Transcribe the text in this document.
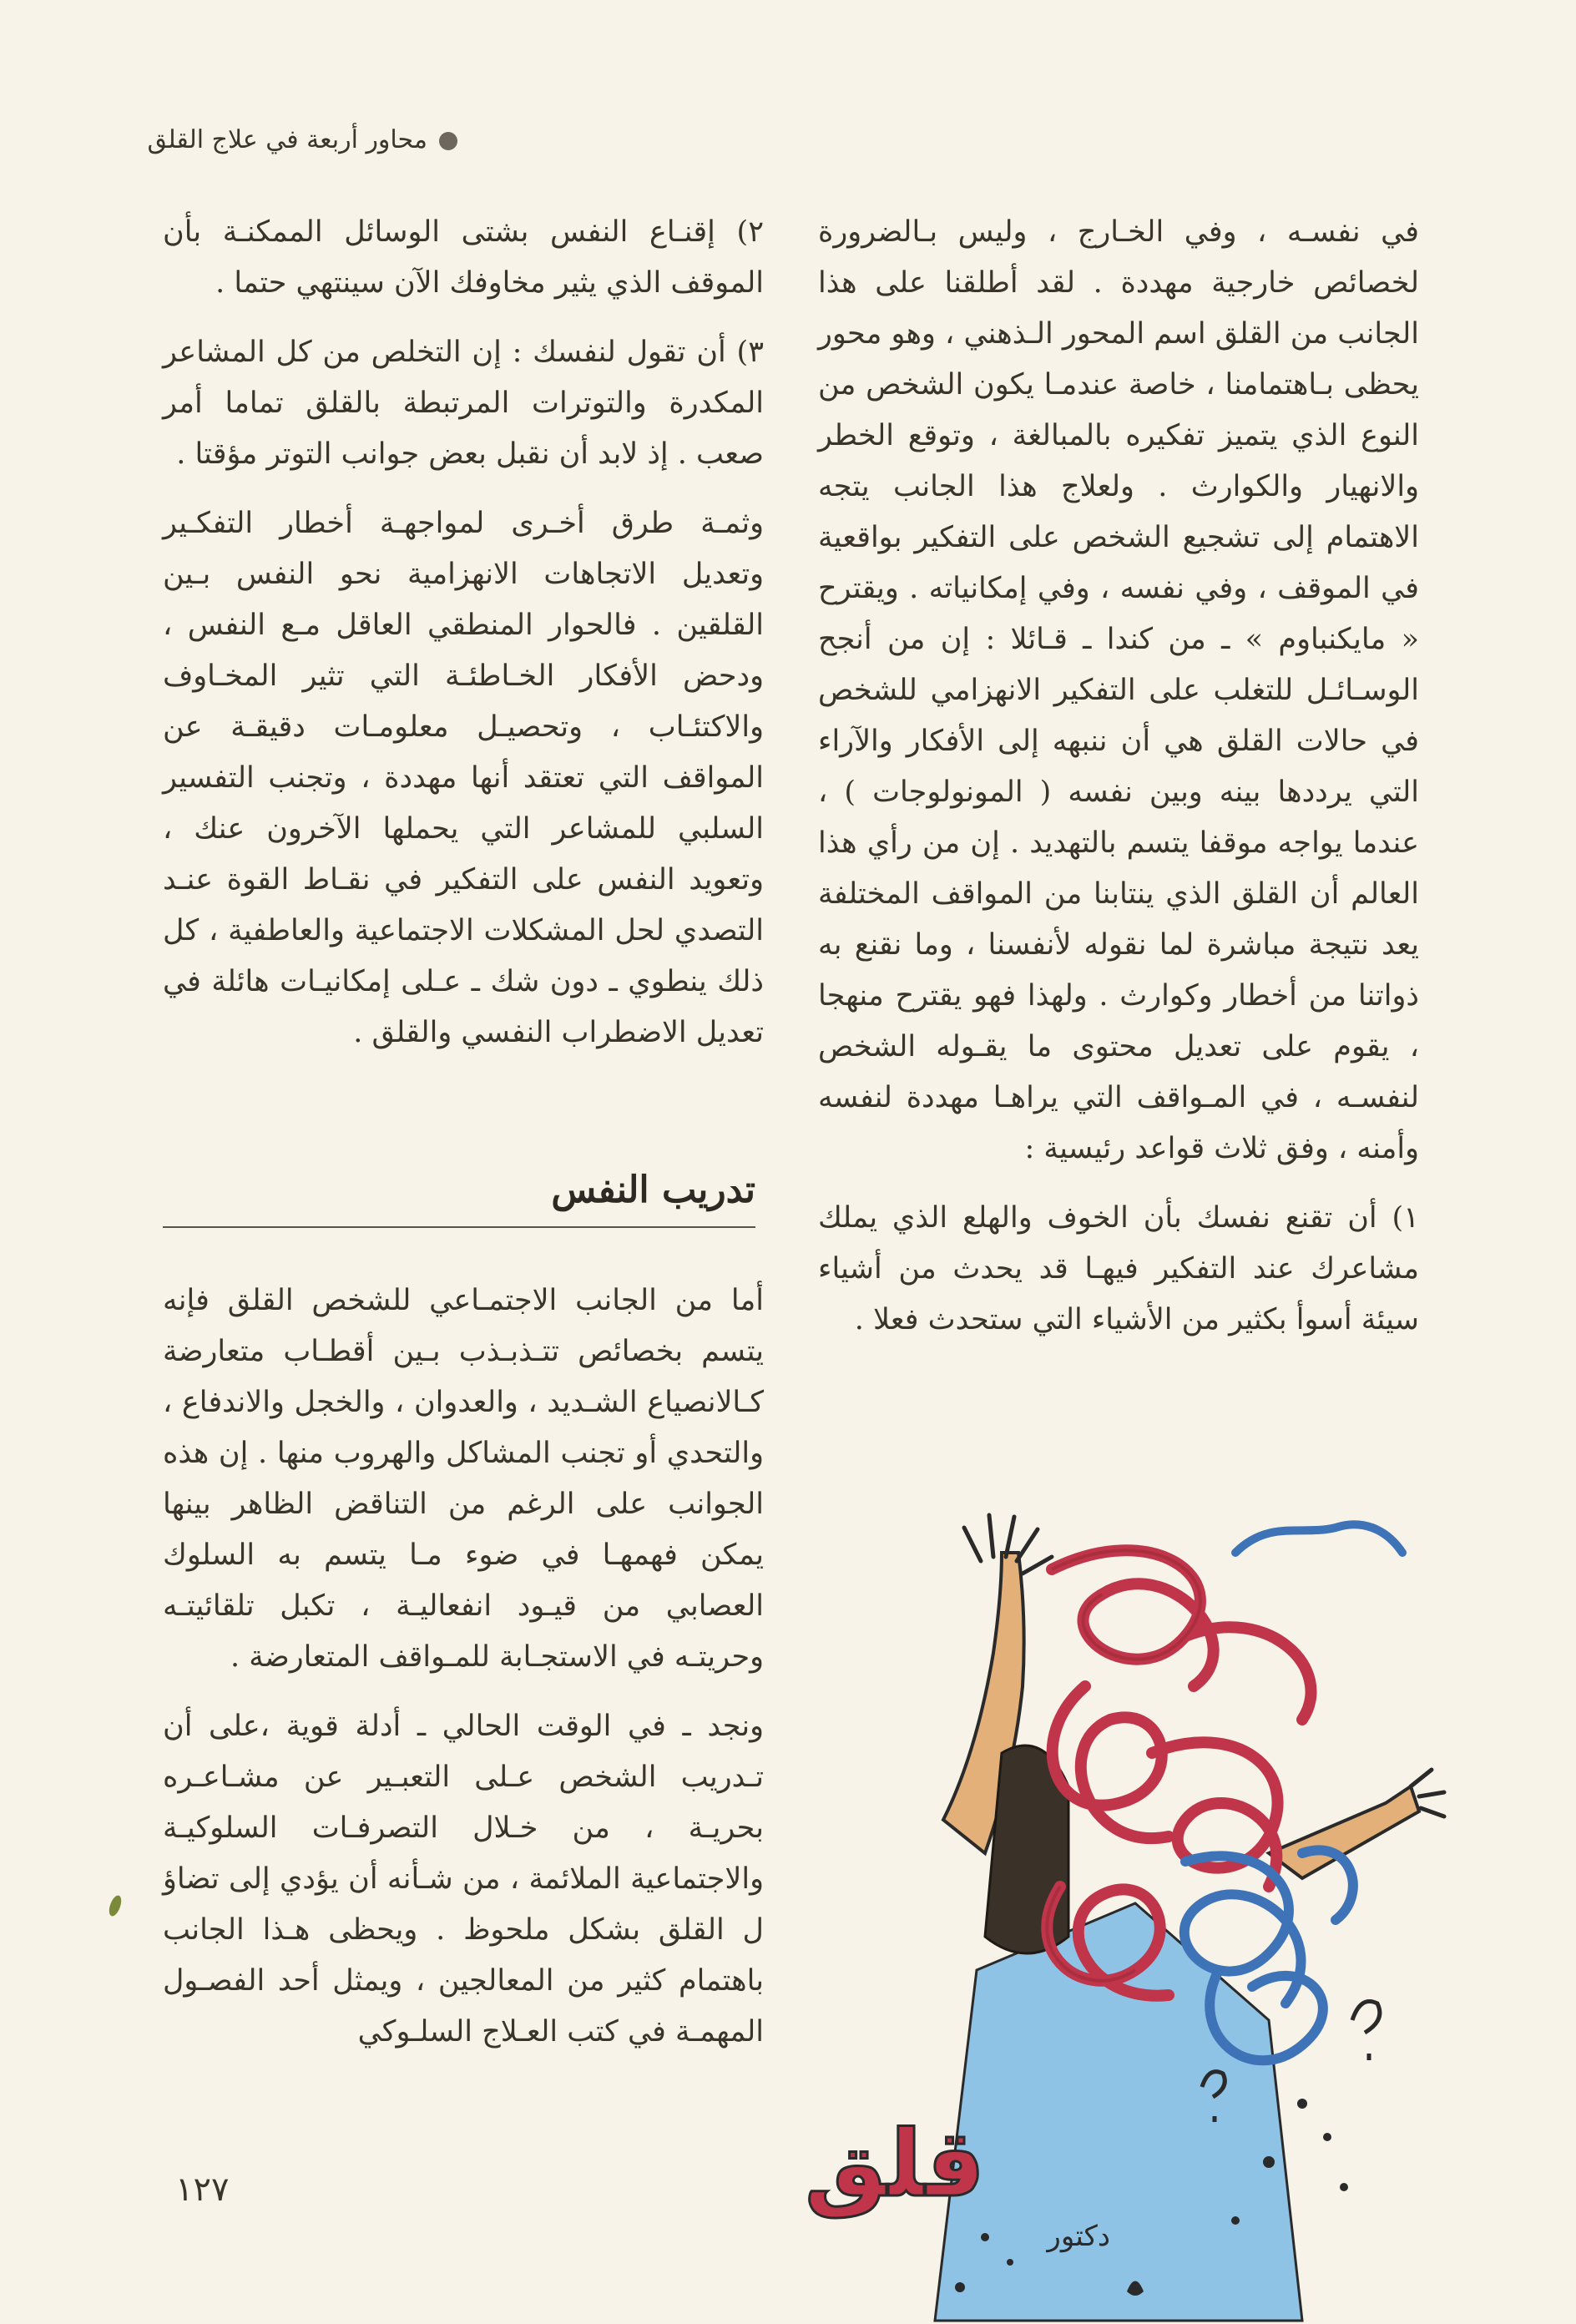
محاور أربعة في علاج القلق

في نفسـه ، وفي الخـارج ، وليس بـالضرورة لخصائص خارجية مهددة . لقد أطلقنا على هذا الجانب من القلق اسم المحور الـذهني ، وهو محور يحظى بـاهتمامنا ، خاصة عندمـا يكون الشخص من النوع الذي يتميز تفكيره بالمبالغة ، وتوقع الخطر والانهيار والكوارث . ولعلاج هذا الجانب يتجه الاهتمام إلى تشجيع الشخص على التفكير بواقعية في الموقف ، وفي نفسه ، وفي إمكانياته . ويقترح « مايكنباوم » ـ من كندا ـ قـائلا : إن من أنجح الوسـائـل للتغلب على التفكير الانهزامي للشخص في حالات القلق هي أن ننبهه إلى الأفكار والآراء التي يرددها بينه وبين نفسه ( المونولوجات ) ، عندما يواجه موقفا يتسم بالتهديد . إن من رأي هذا العالم أن القلق الذي ينتابنا من المواقف المختلفة يعد نتيجة مباشرة لما نقوله لأنفسنا ، وما نقنع به ذواتنا من أخطار وكوارث . ولهذا فهو يقترح منهجا ، يقوم على تعديل محتوى ما يقـوله الشخص لنفسـه ، في المـواقف التي يراهـا مهددة لنفسه وأمنه ، وفق ثلاث قواعد رئيسية :

١) أن تقنع نفسك بأن الخوف والهلع الذي يملك مشاعرك عند التفكير فيهـا قد يحدث من أشياء سيئة أسوأ بكثير من الأشياء التي ستحدث فعلا .

٢) إقنـاع النفس بشتى الوسائل الممكنـة بأن الموقف الذي يثير مخاوفك الآن سينتهي حتما .

٣) أن تقول لنفسك : إن التخلص من كل المشاعر المكدرة والتوترات المرتبطة بالقلق تماما أمر صعب . إذ لابد أن نقبل بعض جوانب التوتر مؤقتا .

وثمـة طرق أخـرى لمواجهـة أخطار التفكـير وتعديل الاتجاهات الانهزامية نحو النفس بـين القلقين . فالحوار المنطقي العاقل مـع النفس ، ودحض الأفكار الخـاطئـة التي تثير المخـاوف والاكتئـاب ، وتحصيـل معلومـات دقيقـة عن المواقف التي تعتقد أنها مهددة ، وتجنب التفسير السلبي للمشاعر التي يحملها الآخرون عنك ، وتعويد النفس على التفكير في نقـاط القوة عنـد التصدي لحل المشكلات الاجتماعية والعاطفية ، كل ذلك ينطوي ـ دون شك ـ عـلى إمكانيـات هائلة في تعديل الاضطراب النفسي والقلق .

تدريب النفس

أما من الجانب الاجتمـاعي للشخص القلق فإنه يتسم بخصائص تتـذبـذب بـين أقطـاب متعارضة كـالانصياع الشـديد ، والعدوان ، والخجل والاندفاع ، والتحدي أو تجنب المشاكل والهروب منها . إن هذه الجوانب على الرغم من التناقض الظاهر بينها يمكن فهمهـا في ضوء مـا يتسم به السلوك العصابي من قيـود انفعاليـة ، تكبل تلقائيتـه وحريتـه في الاستجـابة للمـواقف المتعارضة .

ونجد ـ في الوقت الحالي ـ أدلة قوية ،على أن تـدريب الشخص عـلى التعبـير عن مشـاعـره بحريـة ، من خـلال التصرفـات السلوكيـة والاجتماعية الملائمة ، من شـأنه أن يؤدي إلى تضاؤ ل القلق بشكل ملحوظ . ويحظى هـذا الجانب باهتمام كثير من المعالجين ، ويمثل أحد الفصـول المهمـة في كتب العـلاج السلـوكي

١٢٧	قلق
دكتور
